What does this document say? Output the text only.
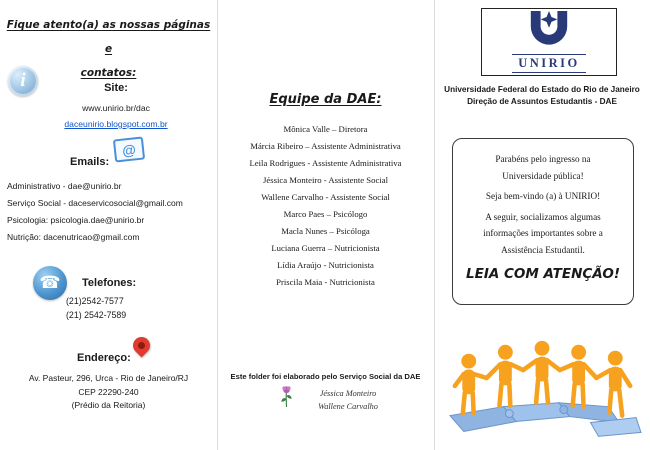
Fique atento(a) as nossas páginas e
contatos:
i	Site:
www.unirio.br/dac
daceunirio.blogspot.com.br
Emails:
@
Administrativo - dae@unirio.br
Serviço Social - daceservicosocial@gmail.com
Psicologia: psicologia.dae@unirio.br
Nutrição: dacenutricao@gmail.com
☎ Telefones:
(21)2542-7577
(21) 2542-7589
Endereço:
Av. Pasteur, 296, Urca - Rio de Janeiro/RJ
CEP 22290-240
(Prédio da Reitoria)
Equipe da DAE:
Mônica Valle – Diretora
Márcia Ribeiro – Assistente Administrativa
Leila Rodrigues - Assistente Administrativa
Jéssica Monteiro - Assistente Social
Wallene Carvalho - Assistente Social
Marco Paes – Psicólogo
Macla Nunes – Psicóloga
Luciana Guerra – Nutricionista
Lídia Araújo - Nutricionista
Priscila Maia - Nutricionista
Este folder foi elaborado pelo Serviço Social da DAE
Jéssica Monteiro
Wallene Carvalho
UNIRIO
Universidade Federal do Estado do Rio de Janeiro
Direção de Assuntos Estudantis - DAE
Parabéns pelo ingresso na
Universidade pública!
Seja bem-vindo (a) à UNIRIO!
A seguir, socializamos algumas
informações importantes sobre a
Assistência Estudantil.
LEIA COM ATENÇÃO!
